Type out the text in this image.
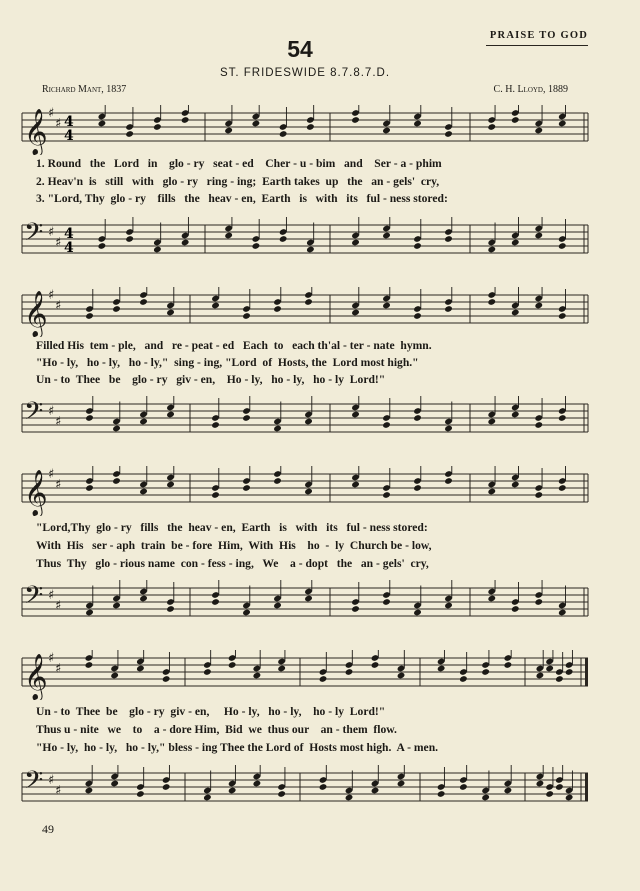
PRAISE TO GOD
54
ST. FRIDESWIDE 8.7.8.7.D.
Richard Mant, 1837	C. H. Lloyd, 1889
𝄞 ♯
♯ 4
4
1. Round   the   Lord   in    glo - ry   seat - ed    Cher - u - bim   and    Ser - a - phim
2. Heav'n  is   still   with   glo - ry   ring - ing;  Earth takes  up   the   an - gels'  cry,
3. "Lord, Thy  glo - ry    fills   the   heav - en,  Earth   is   with   its   ful - ness stored:
𝄢 ♯
♯
4
4
𝄞 ♯
♯
Filled His  tem - ple,   and   re - peat - ed   Each  to   each th'al - ter - nate  hymn.
"Ho - ly,   ho - ly,   ho - ly,"  sing - ing, "Lord  of  Hosts, the  Lord most high."
Un - to  Thee   be    glo - ry   giv - en,    Ho - ly,   ho - ly,   ho - ly  Lord!"
𝄢 ♯
♯
𝄞 ♯
♯
"Lord,Thy  glo - ry   fills   the  heav - en,  Earth   is   with   its   ful - ness stored:
With  His   ser - aph  train  be - fore  Him,  With  His    ho  -  ly  Church be - low,
Thus  Thy   glo - rious name  con - fess - ing,   We    a - dopt   the   an - gels'  cry,
𝄢 ♯
♯
𝄞 ♯
♯
Un - to  Thee  be    glo - ry  giv - en,     Ho - ly,   ho - ly,    ho - ly  Lord!"
Thus u - nite   we    to    a - dore Him,  Bid  we  thus our    an - them  flow.
"Ho - ly,  ho - ly,   ho - ly," bless - ing Thee the Lord of  Hosts most high.  A - men.
𝄢 ♯
♯
49
